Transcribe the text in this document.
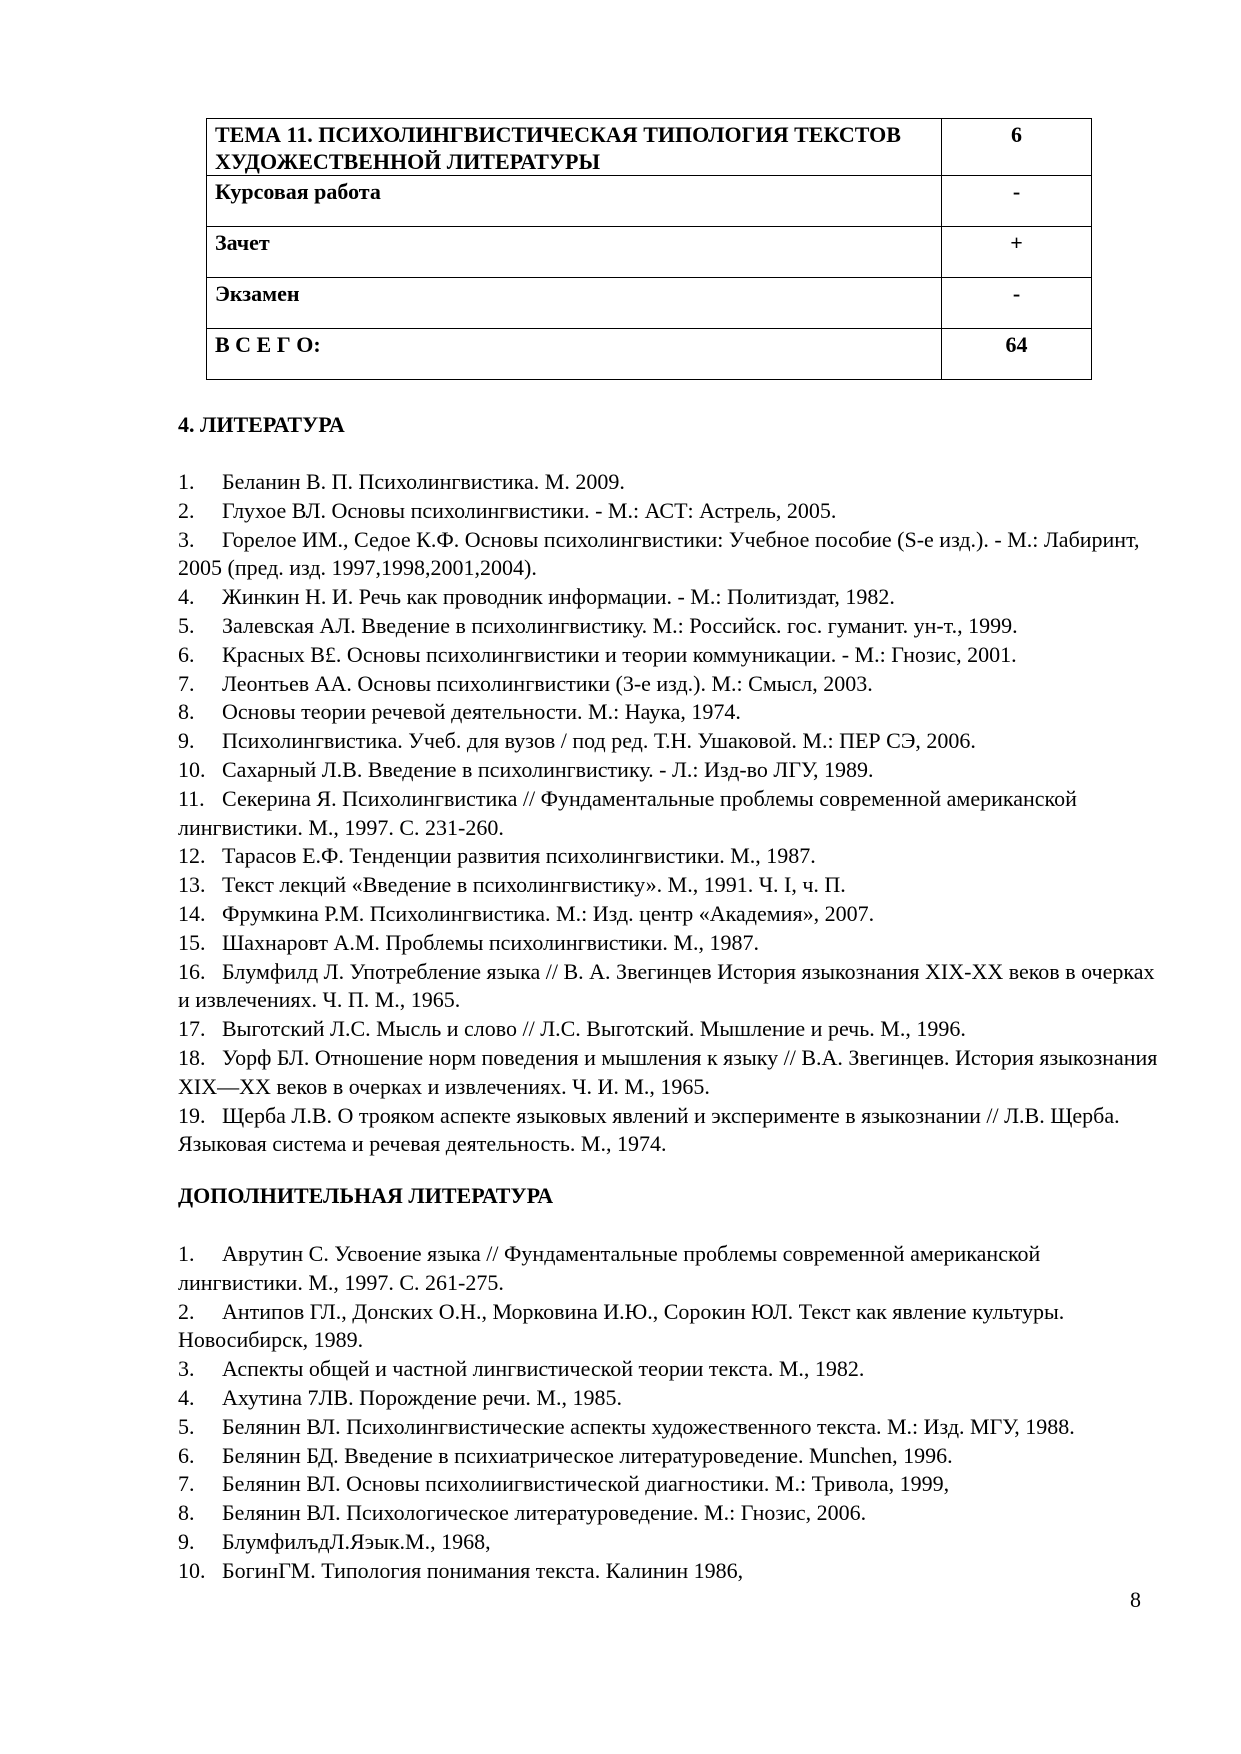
ТЕМА 11. ПСИХОЛИНГВИСТИЧЕСКАЯ ТИПОЛОГИЯ ТЕКСТОВ ХУДОЖЕСТВЕННОЙ ЛИТЕРАТУРЫ	6
Курсовая работа	-
Зачет	+
Экзамен	-
В С Е Г О:	64
4. ЛИТЕРАТУРА
1. Беланин В. П. Психолингвистика. М. 2009.
2. Глухое ВЛ. Основы психолингвистики. - М.: АСТ: Астрель, 2005.
3. Горелое ИМ., Седое К.Ф. Основы психолингвистики: Учебное пособие (S-е изд.). - М.: Лабиринт, 2005 (пред. изд. 1997,1998,2001,2004).
4. Жинкин Н. И. Речь как проводник информации. - М.: Политиздат, 1982.
5. Залевская АЛ. Введение в психолингвистику. М.: Российск. гос. гуманит. ун-т., 1999.
6. Красных В£. Основы психолингвистики и теории коммуникации. - М.: Гнозис, 2001.
7. Леонтьев АА. Основы психолингвистики (3-е изд.). М.: Смысл, 2003.
8. Основы теории речевой деятельности. М.: Наука, 1974.
9. Психолингвистика. Учеб. для вузов / под ред. Т.Н. Ушаковой. М.: ПЕР СЭ, 2006.
10. Сахарный Л.В. Введение в психолингвистику. - Л.: Изд-во ЛГУ, 1989.
11. Секерина Я. Психолингвистика // Фундаментальные проблемы современной американской лингвистики. М., 1997. С. 231-260.
12. Тарасов Е.Ф. Тенденции развития психолингвистики. М., 1987.
13. Текст лекций «Введение в психолингвистику». М., 1991. Ч. I, ч. П.
14. Фрумкина Р.М. Психолингвистика. М.: Изд. центр «Академия», 2007.
15. Шахнаровт А.М. Проблемы психолингвистики. М., 1987.
16. Блумфилд Л. Употребление языка // В. А. Звегинцев История языкознания XIX-XX веков в очерках и извлечениях. Ч. П. М., 1965.
17. Выготский Л.С. Мысль и слово // Л.С. Выготский. Мышление и речь. М., 1996.
18. Уорф БЛ. Отношение норм поведения и мышления к языку // В.А. Звегинцев. История языкознания XIX—XX веков в очерках и извлечениях. Ч. И. М., 1965.
19. Щерба Л.В. О трояком аспекте языковых явлений и эксперименте в языкознании // Л.В. Щерба. Языковая система и речевая деятельность. М., 1974.
ДОПОЛНИТЕЛЬНАЯ ЛИТЕРАТУРА
1. Аврутин С. Усвоение языка // Фундаментальные проблемы современной американской лингвистики. М., 1997. С. 261-275.
2. Антипов ГЛ., Донских О.Н., Морковина И.Ю., Сорокин ЮЛ. Текст как явление культуры. Новосибирск, 1989.
3. Аспекты общей и частной лингвистической теории текста. М., 1982.
4. Ахутина 7ЛВ. Порождение речи. М., 1985.
5. Белянин ВЛ. Психолингвистические аспекты художественного текста. М.: Изд. МГУ, 1988.
6. Белянин БД. Введение в психиатрическое литературоведение. Munchen, 1996.
7. Белянин ВЛ. Основы психолиигвистической диагностики. М.: Тривола, 1999,
8. Белянин ВЛ. Психологическое литературоведение. М.: Гнозис, 2006.
9. БлумфилъдЛ.Яэык.М., 1968,
10. БогинГМ. Типология понимания текста. Калинин 1986,
8
